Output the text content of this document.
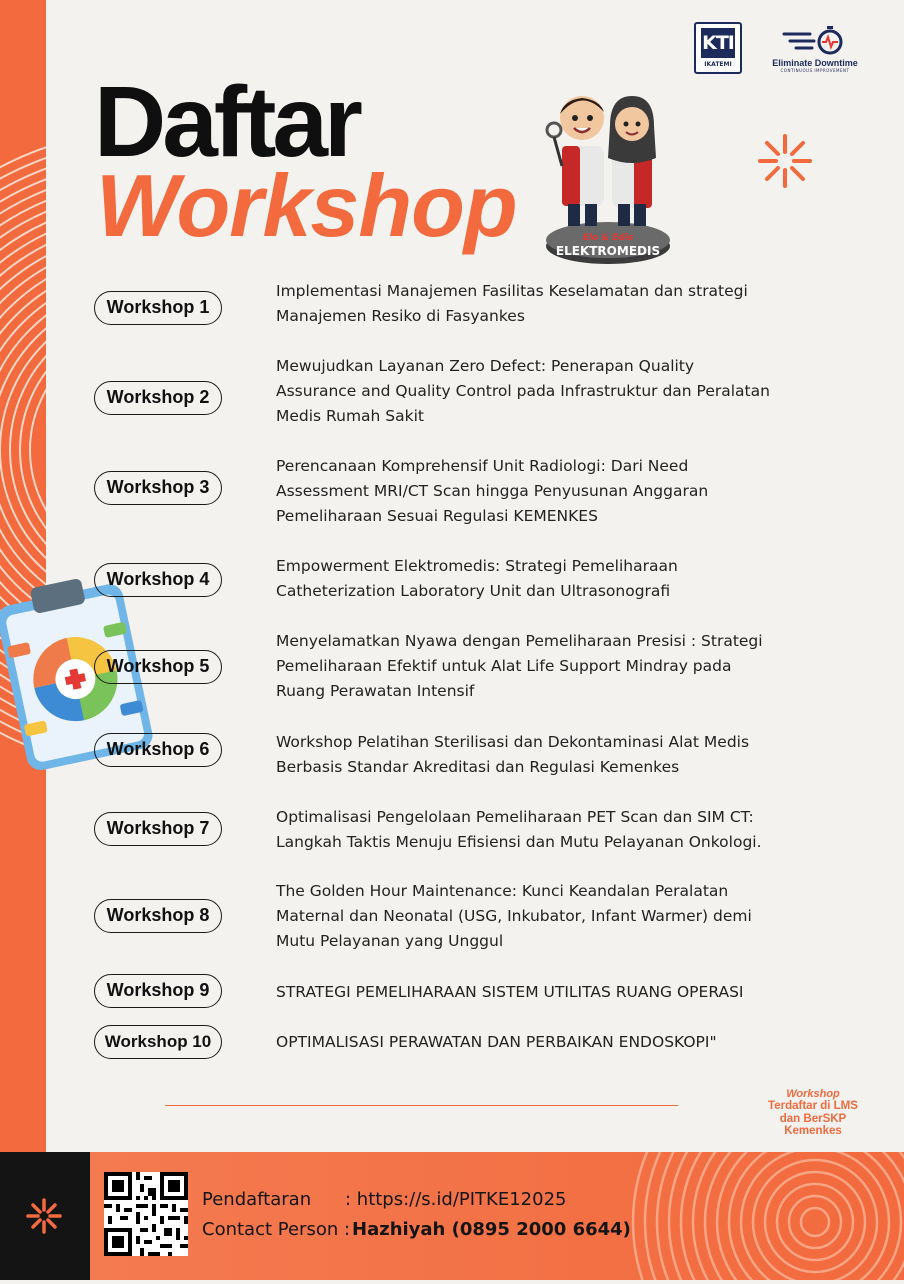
KTI
IKATEMI	Eliminate Downtime
CONTINUOUS IMPROVEMENT
Daftar
Workshop	Elo & Edis
ELEKTROMEDIS
Workshop 1

Implementasi Manajemen Fasilitas Keselamatan dan strategi
Manajemen Resiko di Fasyankes

Workshop 2

Mewujudkan Layanan Zero Defect: Penerapan Quality
Assurance and Quality Control pada Infrastruktur dan Peralatan
Medis Rumah Sakit

Workshop 3

Perencanaan Komprehensif Unit Radiologi: Dari Need
Assessment MRI/CT Scan hingga Penyusunan Anggaran
Pemeliharaan Sesuai Regulasi KEMENKES

Workshop 4

Empowerment Elektromedis: Strategi Pemeliharaan
Catheterization Laboratory Unit dan Ultrasonografi

Workshop 5

Menyelamatkan Nyawa dengan Pemeliharaan Presisi : Strategi
Pemeliharaan Efektif untuk Alat Life Support Mindray pada
Ruang Perawatan Intensif

Workshop 6	Workshop Pelatihan Sterilisasi dan Dekontaminasi Alat Medis
Berbasis Standar Akreditasi dan Regulasi Kemenkes

Workshop 7

Optimalisasi Pengelolaan Pemeliharaan PET Scan dan SIM CT:
Langkah Taktis Menuju Efisiensi dan Mutu Pelayanan Onkologi.

Workshop 8

The Golden Hour Maintenance: Kunci Keandalan Peralatan
Maternal dan Neonatal (USG, Inkubator, Infant Warmer) demi
Mutu Pelayanan yang Unggul

Workshop 9	STRATEGI PEMELIHARAAN SISTEM UTILITAS RUANG OPERASI

Workshop 10	OPTIMALISASI PERAWATAN DAN PERBAIKAN ENDOSKOPI"

Workshop
Terdaftar di LMS
dan BerSKP
Kemenkes
Pendaftaran : https://s.id/PITKE12025
Contact Person : Hazhiyah (0895 2000 6644)
